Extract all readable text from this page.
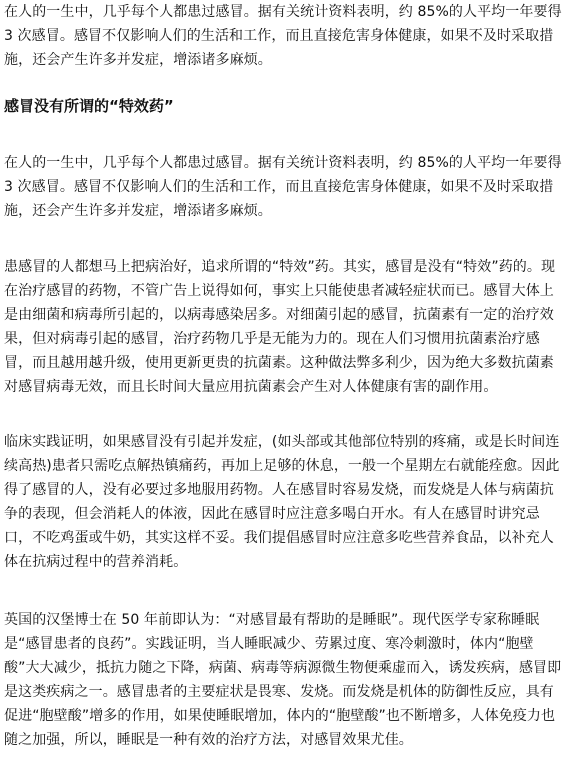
在人的一生中，几乎每个人都患过感冒。据有关统计资料表明，约 85%的人平均一年要得 3 次感冒。感冒不仅影响人们的生活和工作，而且直接危害身体健康，如果不及时采取措施，还会产生许多并发症，增添诸多麻烦。

感冒没有所谓的“特效药”

在人的一生中，几乎每个人都患过感冒。据有关统计资料表明，约 85%的人平均一年要得 3 次感冒。感冒不仅影响人们的生活和工作，而且直接危害身体健康，如果不及时采取措施，还会产生许多并发症，增添诸多麻烦。

患感冒的人都想马上把病治好，追求所谓的“特效”药。其实，感冒是没有“特效”药的。现在治疗感冒的药物，不管广告上说得如何，事实上只能使患者减轻症状而已。感冒大体上是由细菌和病毒所引起的，以病毒感染居多。对细菌引起的感冒，抗菌素有一定的治疗效果，但对病毒引起的感冒，治疗药物几乎是无能为力的。现在人们习惯用抗菌素治疗感冒，而且越用越升级，使用更新更贵的抗菌素。这种做法弊多利少，因为绝大多数抗菌素对感冒病毒无效，而且长时间大量应用抗菌素会产生对人体健康有害的副作用。

临床实践证明，如果感冒没有引起并发症，(如头部或其他部位特别的疼痛，或是长时间连续高热)患者只需吃点解热镇痛药，再加上足够的休息，一般一个星期左右就能痊愈。因此得了感冒的人，没有必要过多地服用药物。人在感冒时容易发烧，而发烧是人体与病菌抗争的表现，但会消耗人的体液，因此在感冒时应注意多喝白开水。有人在感冒时讲究忌口，不吃鸡蛋或牛奶，其实这样不妥。我们提倡感冒时应注意多吃些营养食品，以补充人体在抗病过程中的营养消耗。

英国的汉堡博士在 50 年前即认为：“对感冒最有帮助的是睡眠”。现代医学专家称睡眠是“感冒患者的良药”。实践证明，当人睡眠减少、劳累过度、寒冷刺激时，体内“胞壁酸”大大减少，抵抗力随之下降，病菌、病毒等病源微生物便乘虚而入，诱发疾病，感冒即是这类疾病之一。感冒患者的主要症状是畏寒、发烧。而发烧是机体的防御性反应，具有促进“胞壁酸”增多的作用，如果使睡眠增加，体内的“胞壁酸”也不断增多，人体免疫力也随之加强，所以，睡眠是一种有效的治疗方法，对感冒效果尤佳。
